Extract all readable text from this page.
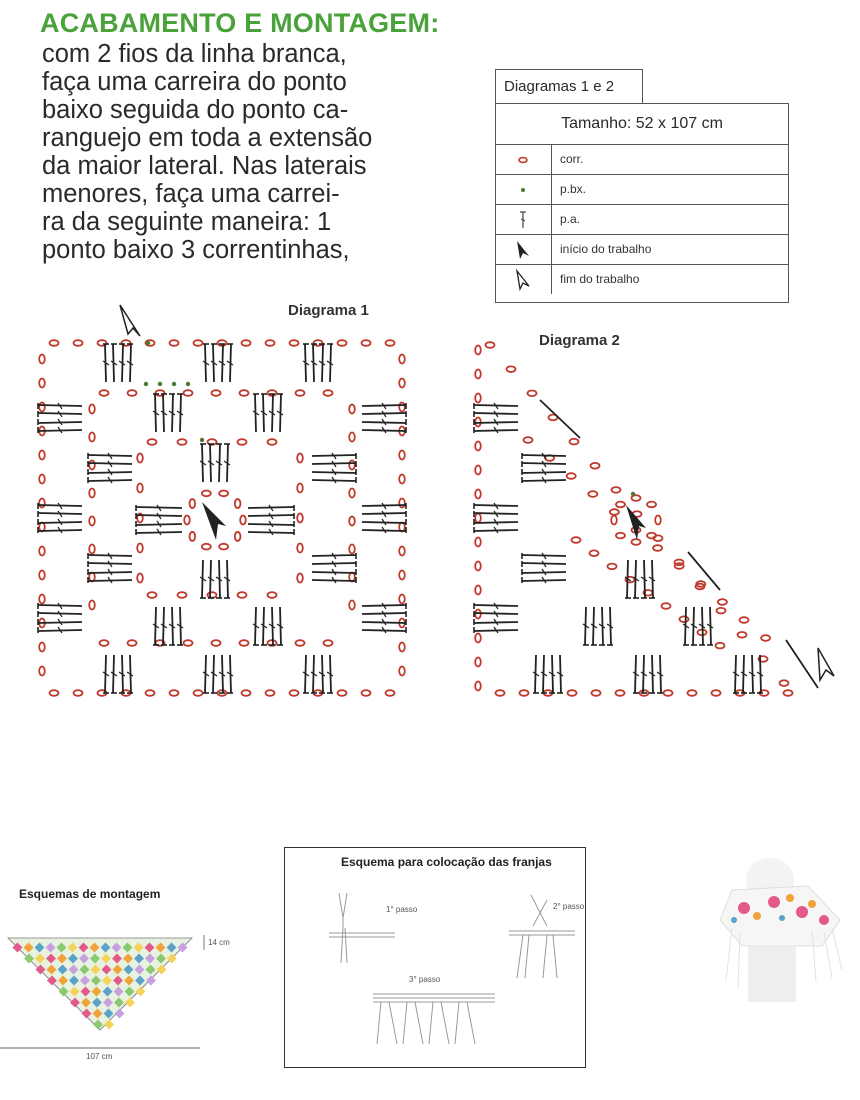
ACABAMENTO E MONTAGEM:
com 2 fios da linha branca,
faça uma carreira do ponto
baixo seguida do ponto ca-
ranguejo em toda a extensão
da maior lateral. Nas laterais
menores, faça uma carrei-
ra da seguinte maneira: 1
ponto baixo 3 correntinhas,
Diagramas 1 e 2
Tamanho: 52 x 107 cm
corr.
p.bx.
p.a.
início do trabalho
fim do trabalho
Diagrama 1
Diagrama 2
Esquemas de montagem
14 cm
107 cm
Esquema para colocação das franjas
1° passo	2° passo
3° passo
